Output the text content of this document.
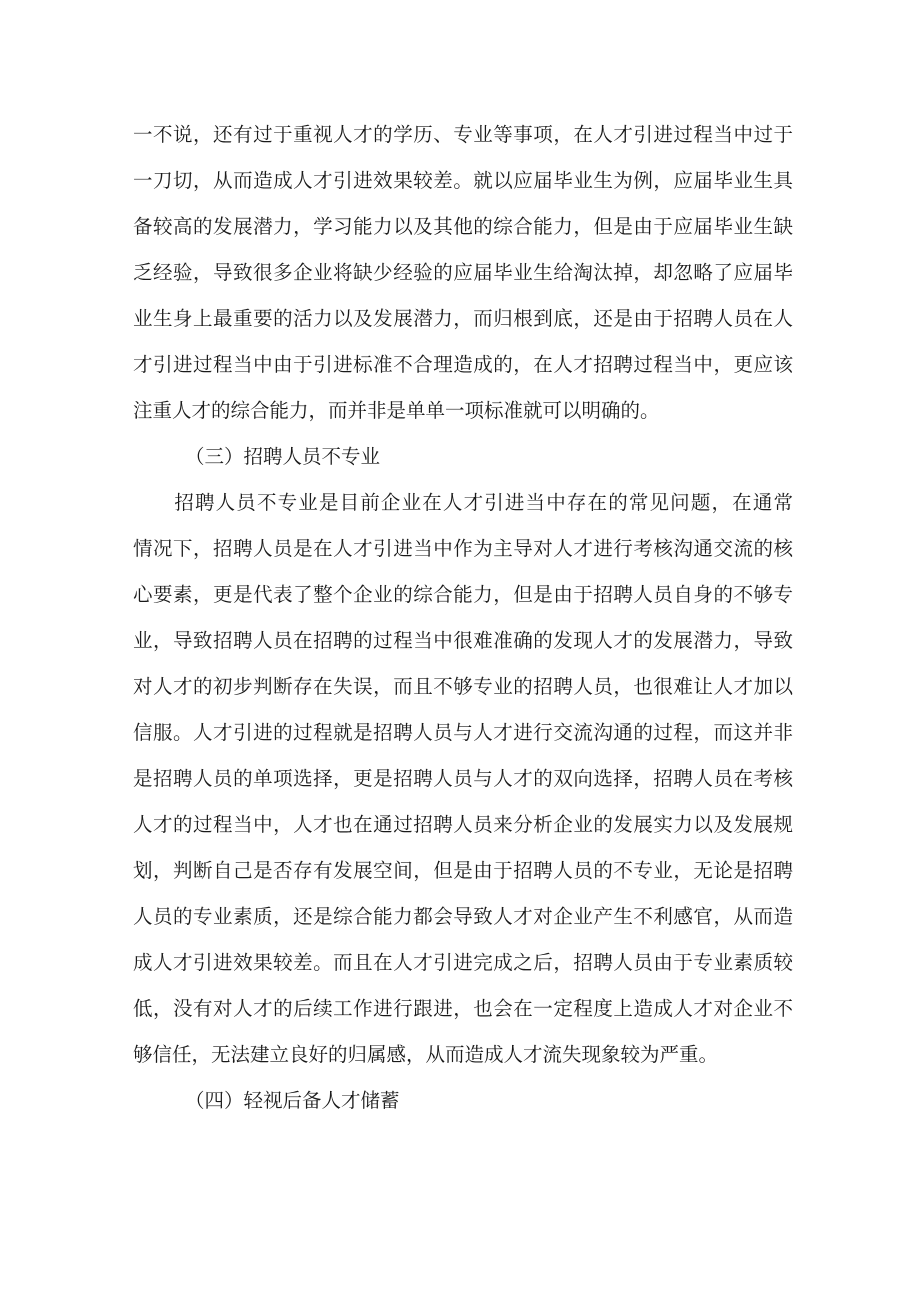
一不说，还有过于重视人才的学历、专业等事项，在人才引进过程当中过于
一刀切，从而造成人才引进效果较差。就以应届毕业生为例，应届毕业生具
备较高的发展潜力，学习能力以及其他的综合能力，但是由于应届毕业生缺
乏经验，导致很多企业将缺少经验的应届毕业生给淘汰掉，却忽略了应届毕
业生身上最重要的活力以及发展潜力，而归根到底，还是由于招聘人员在人
才引进过程当中由于引进标准不合理造成的，在人才招聘过程当中，更应该
注重人才的综合能力，而并非是单单一项标准就可以明确的。
（三）招聘人员不专业
　　招聘人员不专业是目前企业在人才引进当中存在的常见问题，在通常
情况下，招聘人员是在人才引进当中作为主导对人才进行考核沟通交流的核
心要素，更是代表了整个企业的综合能力，但是由于招聘人员自身的不够专
业，导致招聘人员在招聘的过程当中很难准确的发现人才的发展潜力，导致
对人才的初步判断存在失误，而且不够专业的招聘人员，也很难让人才加以
信服。人才引进的过程就是招聘人员与人才进行交流沟通的过程，而这并非
是招聘人员的单项选择，更是招聘人员与人才的双向选择，招聘人员在考核
人才的过程当中，人才也在通过招聘人员来分析企业的发展实力以及发展规
划，判断自己是否存有发展空间，但是由于招聘人员的不专业，无论是招聘
人员的专业素质，还是综合能力都会导致人才对企业产生不利感官，从而造
成人才引进效果较差。而且在人才引进完成之后，招聘人员由于专业素质较
低，没有对人才的后续工作进行跟进，也会在一定程度上造成人才对企业不
够信任，无法建立良好的归属感，从而造成人才流失现象较为严重。
（四）轻视后备人才储蓄
